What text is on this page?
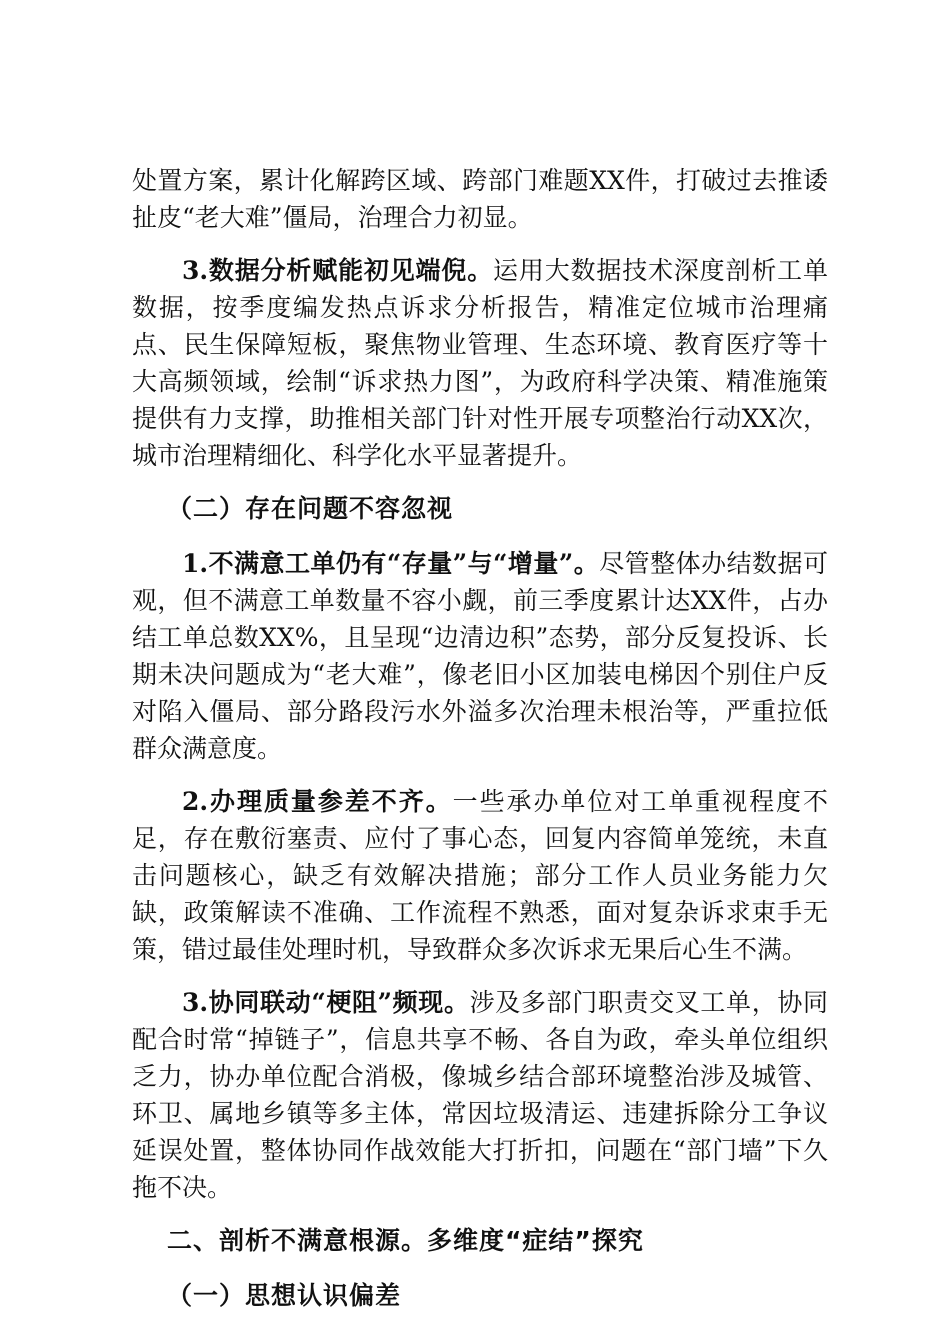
处置方案，累计化解跨区域、跨部门难题XX件，打破过去推诿扯皮“老大难”僵局，治理合力初显。

3.数据分析赋能初见端倪。运用大数据技术深度剖析工单数据，按季度编发热点诉求分析报告，精准定位城市治理痛点、民生保障短板，聚焦物业管理、生态环境、教育医疗等十大高频领域，绘制“诉求热力图”，为政府科学决策、精准施策提供有力支撑，助推相关部门针对性开展专项整治行动XX次，城市治理精细化、科学化水平显著提升。

（二）存在问题不容忽视

1.不满意工单仍有“存量”与“增量”。尽管整体办结数据可观，但不满意工单数量不容小觑，前三季度累计达XX件，占办结工单总数XX%，且呈现“边清边积”态势，部分反复投诉、长期未决问题成为“老大难”，像老旧小区加装电梯因个别住户反对陷入僵局、部分路段污水外溢多次治理未根治等，严重拉低群众满意度。

2.办理质量参差不齐。一些承办单位对工单重视程度不足，存在敷衍塞责、应付了事心态，回复内容简单笼统，未直击问题核心，缺乏有效解决措施；部分工作人员业务能力欠缺，政策解读不准确、工作流程不熟悉，面对复杂诉求束手无策，错过最佳处理时机，导致群众多次诉求无果后心生不满。

3.协同联动“梗阻”频现。涉及多部门职责交叉工单，协同配合时常“掉链子”，信息共享不畅、各自为政，牵头单位组织乏力，协办单位配合消极，像城乡结合部环境整治涉及城管、环卫、属地乡镇等多主体，常因垃圾清运、违建拆除分工争议延误处置，整体协同作战效能大打折扣，问题在“部门墙”下久拖不决。

二、剖析不满意根源。多维度“症结”探究

（一）思想认识偏差
